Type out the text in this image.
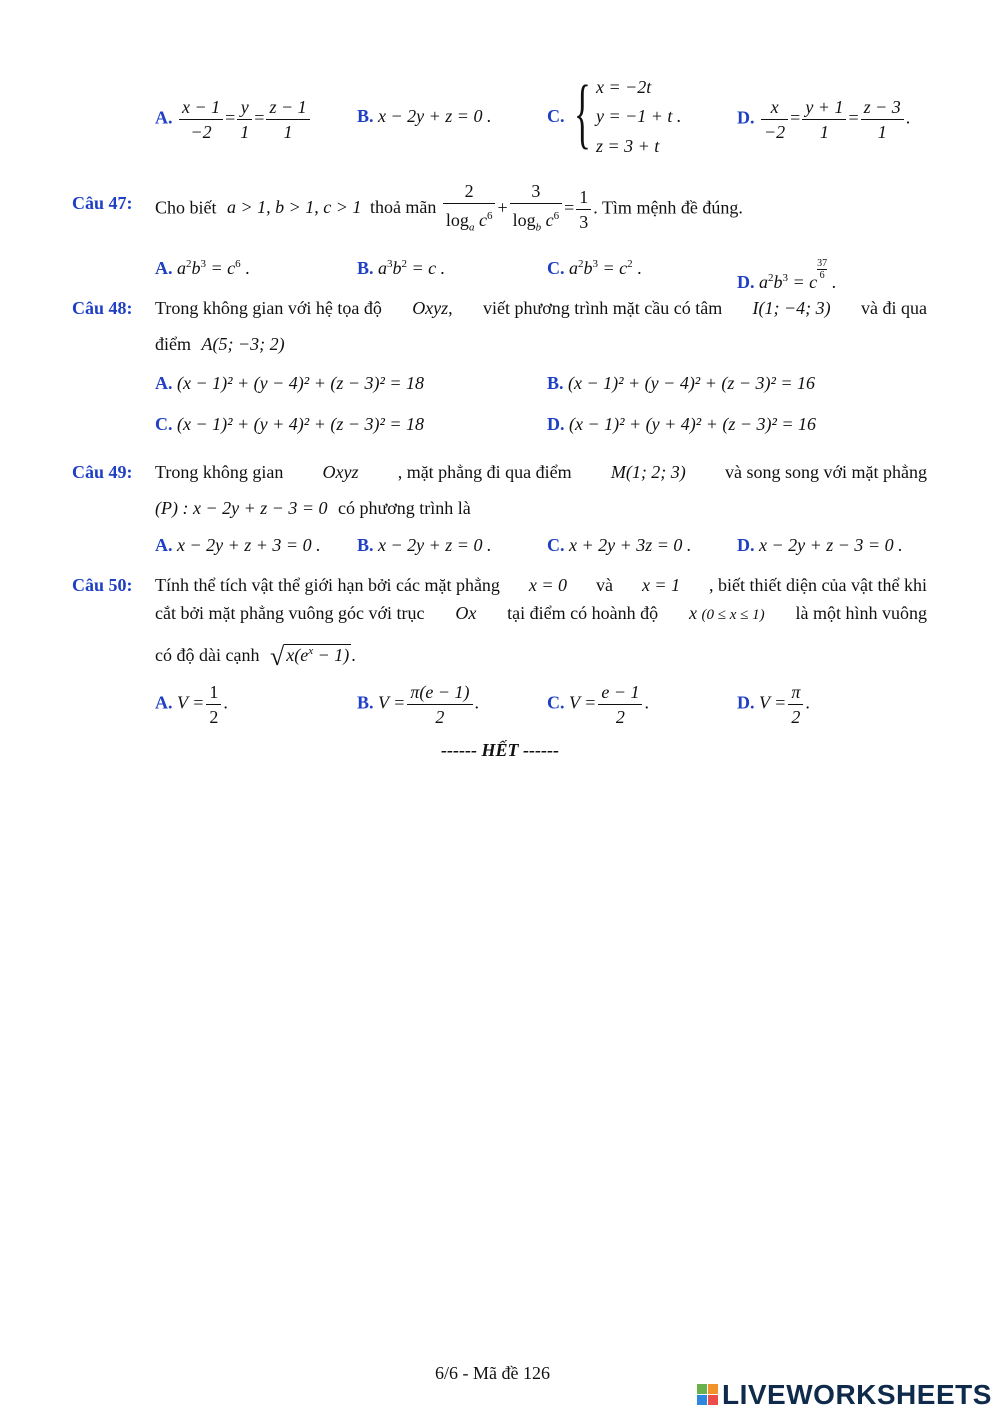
A. $\frac{x - 1}{-2} = \frac{y}{1} = \frac{z - 1}{1}$	B. x − 2y + z = 0 .	C. { x = −2t
y = −1 + t .
z = 3 + t
D. $\frac{x}{-2} = \frac{y + 1}{1} = \frac{z - 3}{1}$ .
Câu 47: Cho biết a > 1, b > 1, c > 1 thoả mãn $\frac{2}{\log_a c^6} + \frac{3}{\log_b c^6} = \frac{1}{3}$ . Tìm mệnh đề đúng.
A. $a^2b^3 = c^6$ .	B. $a^3b^2 = c$ .	C. $a^2b^3 = c^2$ .
D. $a^2b^3 = c$
$\frac{37}{6}$
.
Câu 48: Trong không gian với hệ tọa độ Oxyz, viết phương trình mặt cầu có tâm I(1; −4; 3) và đi qua
điểm A(5; −3; 2)
A. (x − 1)² + (y − 4)² + (z − 3)² = 18	B. (x − 1)² + (y − 4)² + (z − 3)² = 16
C. (x − 1)² + (y + 4)² + (z − 3)² = 18	D. (x − 1)² + (y + 4)² + (z − 3)² = 16
Câu 49: Trong không gian Oxyz , mặt phẳng đi qua điểm M(1; 2; 3) và song song với mặt phẳng
(P) : x − 2y + z − 3 = 0 có phương trình là
A. x − 2y + z + 3 = 0 . B. x − 2y + z = 0 .	C. x + 2y + 3z = 0 .	D. x − 2y + z − 3 = 0 .
Câu 50: Tính thể tích vật thể giới hạn bởi các mặt phẳng x = 0 và x = 1 , biết thiết diện của vật thể khi
cắt bởi mặt phẳng vuông góc với trục Ox tại điểm có hoành độ x (0 ≤ x ≤ 1) là một hình vuông
có độ dài cạnh √ $x(e^x - 1)$ .
A. $V = \frac{1}{2}$ .	B. $V = \frac{\pi(e - 1)}{2}$ .	C. $V = \frac{e - 1}{2}$ .	D. $V = \frac{\pi}{2}$ .
------ HẾT ------
6/6 - Mã đề 126
LIVEWORKSHEETS
